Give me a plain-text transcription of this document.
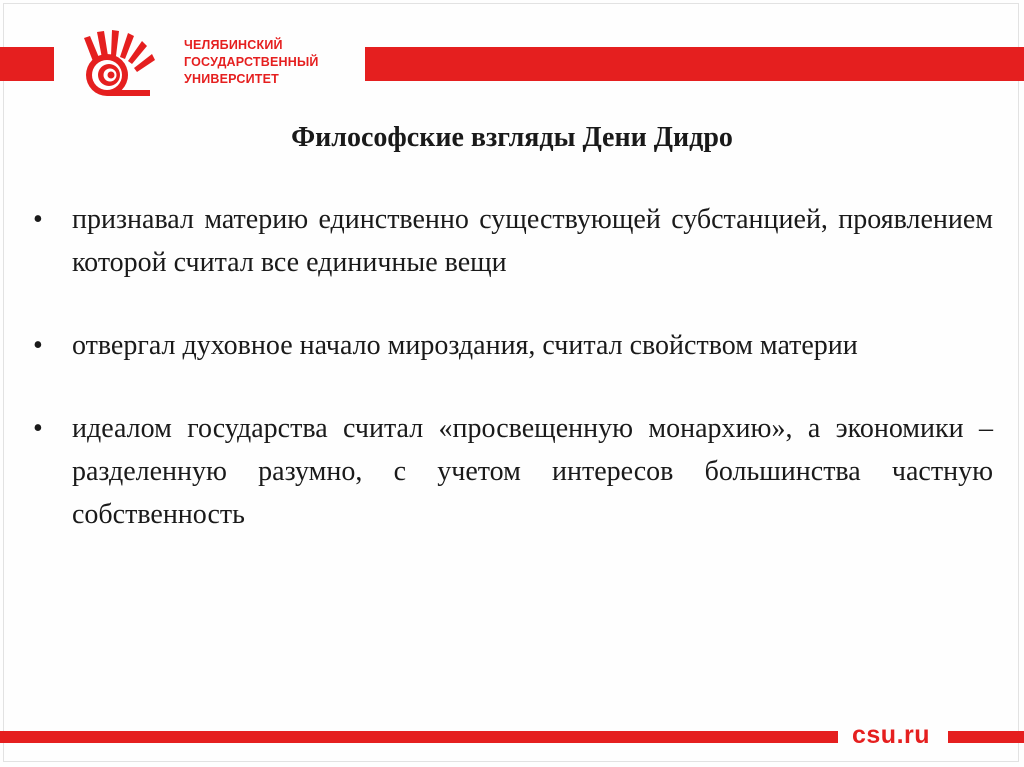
ЧЕЛЯБИНСКИЙ
ГОСУДАРСТВЕННЫЙ
УНИВЕРСИТЕТ
Философские взгляды Дени Дидро
•	признавал материю единственно существующей субстанцией, проявлением которой считал все единичные вещи
•	отвергал духовное начало мироздания, считал свойством материи
•	идеалом государства считал «просвещенную монархию», а экономики – разделенную разумно, с учетом интересов большинства частную собственность
csu.ru
